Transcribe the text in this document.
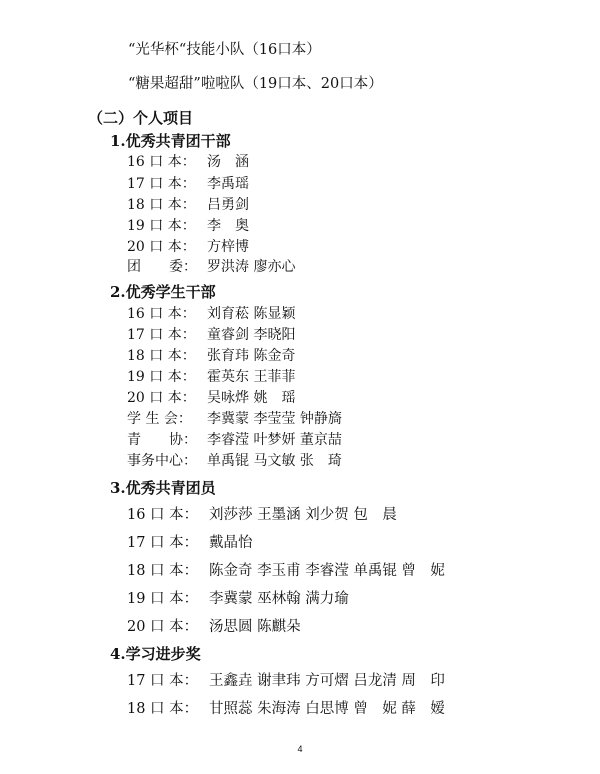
“光华杯“技能小队（16口本）
“糖果超甜”啦啦队（19口本、20口本）
（二）个人项目
1.优秀共青团干部
16 口 本： 汤　涵
17 口 本： 李禹瑶
18 口 本： 吕勇剑
19 口 本： 李　奥
20 口 本： 方梓博
团　　委： 罗洪涛 廖亦心
2.优秀学生干部
16 口 本： 刘育菘 陈显颖
17 口 本： 童睿剑 李晓阳
18 口 本： 张育玮 陈金奇
19 口 本： 霍英东 王菲菲
20 口 本： 吴咏烨 姚　瑶
学 生 会： 李冀蒙 李莹莹 钟静旖
青　　协： 李睿滢 叶梦妍 董京喆
事务中心： 单禹锟 马文敏 张　琦
3.优秀共青团员
16 口 本： 刘莎莎 王墨涵 刘少贺 包　晨
17 口 本： 戴晶怡
18 口 本： 陈金奇 李玉甫 李睿滢 单禹锟 曾　妮
19 口 本： 李冀蒙 巫林翰 满力瑜
20 口 本： 汤思圆 陈麒朵
4.学习进步奖
17 口 本： 王鑫垚 谢聿玮 方可熠 吕龙清 周　印
18 口 本： 甘照蕊 朱海涛 白思博 曾　妮 薛　嫒
4
